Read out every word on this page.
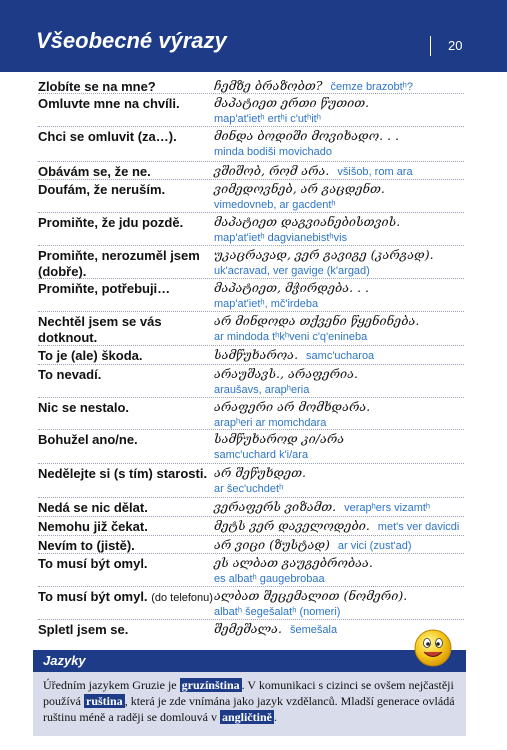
Všeobecné výrazy	20
Zlobíte se na mne?	ჩემზე ბრაზობთ? čemze brazobtʰ?
Omluvte mne na chvíli.	მაპატიეთ ერთი წუთით.
map'at'ietʰ ertʰi c'utʰitʰ
Chci se omluvit (za…).	მინდა ბოდიში მოვიხადო. . .
minda bodiši movichado
Obávám se, že ne.	ვშიშობ, რომ არა. všišob, rom ara
Doufám, že neruším.	ვიმედოვნებ, არ გაცდენთ.
vimedovneb, ar gacdentʰ
Promiňte, že jdu pozdě.	მაპატიეთ დაგვიანებისთვის.
map'at'ietʰ dagvianebistʰvis
Promiňte, nerozuměl jsem (dobře).
უკაცრავად, ვერ გავიგე (კარგად).
uk'acravad, ver gavige (k'argad)
Promiňte, potřebuji…	მაპატიეთ, მჭირდება. . .
map'at'ietʰ, mč'irdeba
Nechtěl jsem se vás dotknout.
არ მინდოდა თქვენი წყენინება.
ar mindoda tʰkʰveni c'q'enineba
To je (ale) škoda.	სამწუხაროა. samc'ucharoa
To nevadí.	არაუშავს., არაფერია.
araušavs, arapʰeria
Nic se nestalo.	არაფერი არ მომხდარა.
arapʰeri ar momchdara
Bohužel ano/ne.	სამწუხაროდ კი/არა
samc'uchard k'i/ara
Nedělejte si (s tím) starosti. არ შეწუხდეთ.
ar šec'uchdetʰ
Nedá se nic dělat.	ვერაფერს ვიზამთ. verapʰers vizamtʰ
Nemohu již čekat.	მეტს ვერ დაველოდები. met's ver davicdi
Nevím to (jistě).	არ ვიცი (ზუსტად) ar vici (zust'ad)
To musí být omyl.	ეს ალბათ გაუგებრობაა.
es albatʰ gaugebrobaa
To musí být omyl. (do telefonu) ალბათ შეცემალით (ნომერი).
albatʰ šegešalatʰ (nomeri)
Spletl jsem se.	შემეშალა. šemešala
Jazyky
Úředním jazykem Gruzie je gruzínština . V komunikaci s cizinci se ovšem nejčastěji používá ruština , která je zde vnímána jako jazyk vzdělanců. Mladší generace ovládá ruštinu méně a raději se domlouvá v angličtině .
